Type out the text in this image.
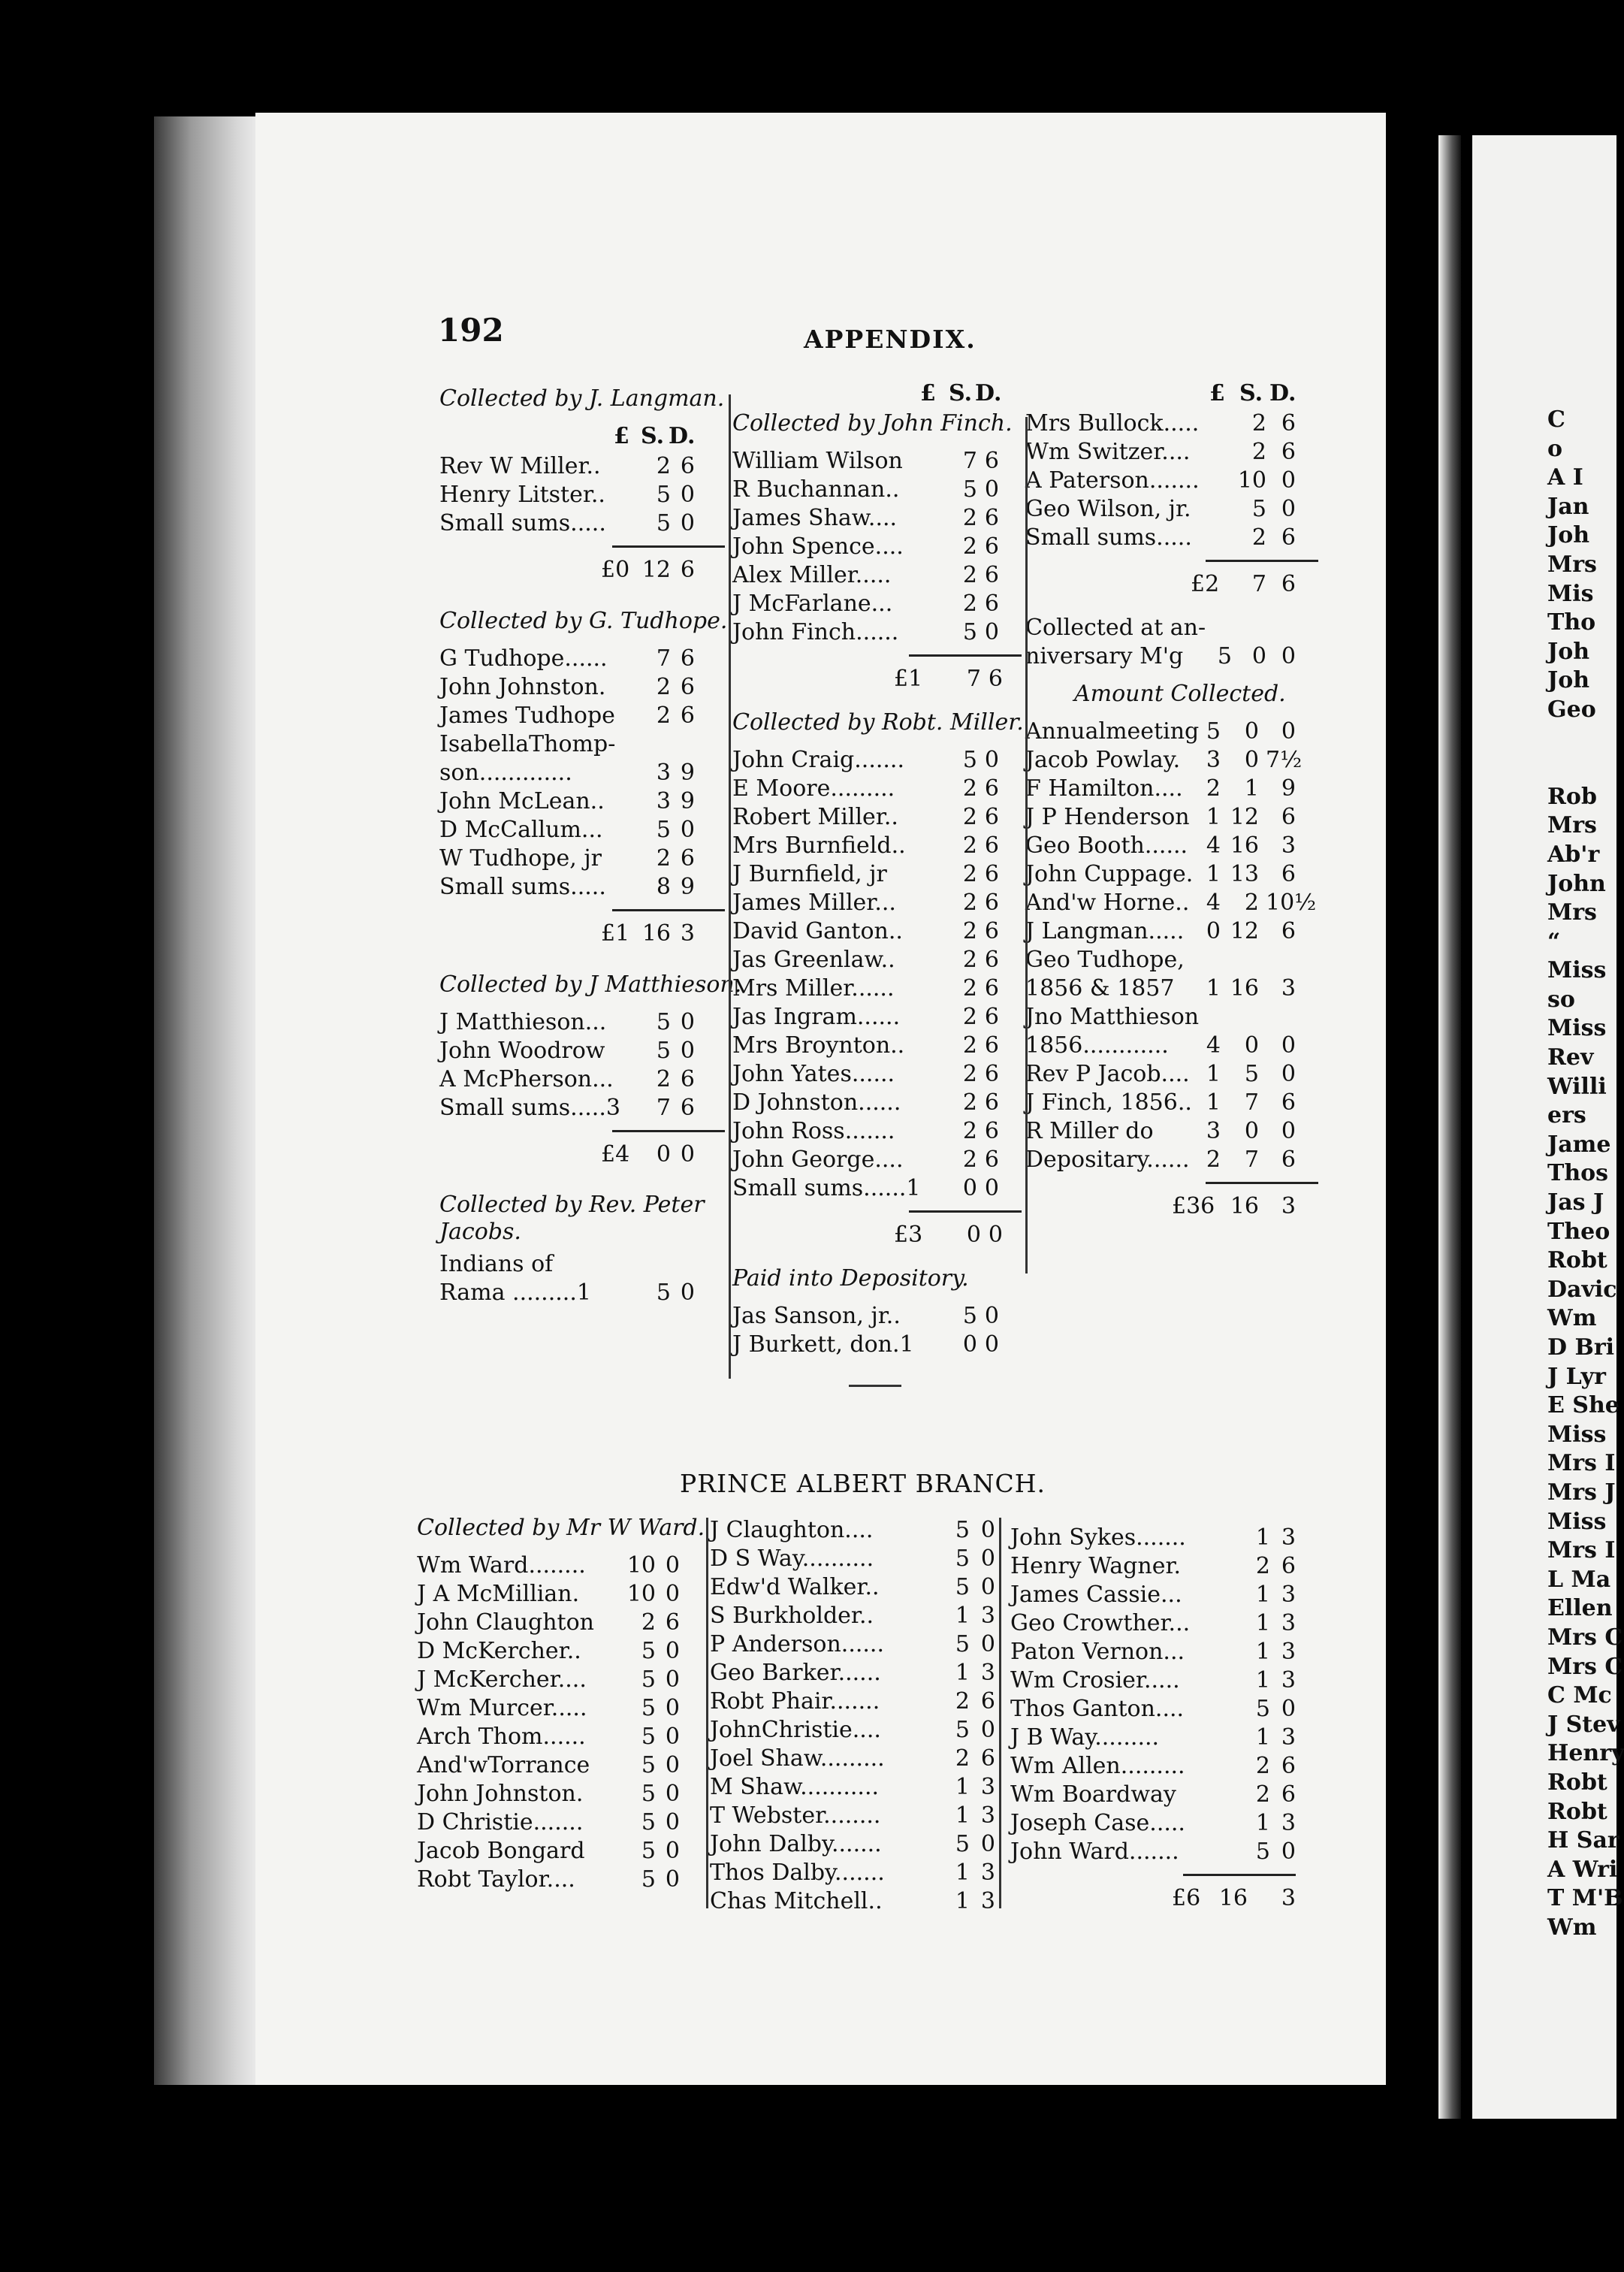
192	APPENDIX.
Collected by J. Langman.
£ S. D.
Rev W Miller..	2 6
Henry Litster..	5 0
Small sums.....	5 0
£0 12 6
Collected by G. Tudhope.
G Tudhope......	7 6
John Johnston.	2 6
James Tudhope	2 6
IsabellaThomp-
son.............	3 9
John McLean..	3 9
D McCallum...	5 0
W Tudhope, jr	2 6
Small sums.....	8 9
£1 16 3
Collected by J Matthieson.
J Matthieson...	5 0
John Woodrow	5 0
A McPherson...	2 6
Small sums.....3	7 6
£4	0 0
Collected by Rev. Peter Jacobs.
Indians of
Rama .........1	5 0
£ S. D.
Collected by John Finch.
William Wilson	7 6
R Buchannan..	5 0
James Shaw....	2 6
John Spence....	2 6
Alex Miller.....	2 6
J McFarlane...	2 6
John Finch......	5 0
£1	7 6
Collected by Robt. Miller.
John Craig.......	5 0
E Moore.........	2 6
Robert Miller..	2 6
Mrs Burnfield..	2 6
J Burnfield, jr	2 6
James Miller...	2 6
David Ganton..	2 6
Jas Greenlaw..	2 6
Mrs Miller......	2 6
Jas Ingram......	2 6
Mrs Broynton..	2 6
John Yates......	2 6
D Johnston......	2 6
John Ross.......	2 6
John George....	2 6
Small sums......1	0 0
£3	0 0
Paid into Depository.
Jas Sanson, jr..	5 0
J Burkett, don.1	0 0
£ S. D.
Mrs Bullock.....	2 6
Wm Switzer....	2 6
A Paterson....... 10 0
Geo Wilson, jr.	5 0
Small sums.....	2 6
£2	7 6
Collected at an-
niversary M'g	5 0 0
Amount Collected.
Annualmeeting 5	0 0
Jacob Powlay.	3	0 7½
F Hamilton....	2	1 9
J P Henderson 1 12 6
Geo Booth...... 4 16 3
John Cuppage. 1 13 6
And'w Horne.. 4	2 10½
J Langman..... 0 12 6
Geo Tudhope,
1856 & 1857	1 16 3
Jno Matthieson
1856............	4	0 0
Rev P Jacob.... 1	5 0
J Finch, 1856.. 1	7 6
R Miller do	3	0 0
Depositary...... 2	7 6
£36 16 3
PRINCE ALBERT BRANCH.
Collected by Mr W Ward.
Wm Ward........ 10 0
J A McMillian. 10 0
John Claughton	2 6
D McKercher..	5 0
J McKercher....	5 0
Wm Murcer.....	5 0
Arch Thom......	5 0
And'wTorrance	5 0
John Johnston.	5 0
D Christie.......	5 0
Jacob Bongard	5 0
Robt Taylor....	5 0
J Claughton....	5 0
D S Way..........	5 0
Edw'd Walker..	5 0
S Burkholder..	1 3
P Anderson......	5 0
Geo Barker......	1 3
Robt Phair.......	2 6
JohnChristie....	5 0
Joel Shaw.........	2 6
M Shaw...........	1 3
T Webster........	1 3
John Dalby.......	5 0
Thos Dalby.......	1 3
Chas Mitchell..	1 3
John Sykes.......	1 3
Henry Wagner.	2 6
James Cassie...	1 3
Geo Crowther...	1 3
Paton Vernon...	1 3
Wm Crosier.....	1 3
Thos Ganton....	5 0
J B Way.........	1 3
Wm Allen.........	2 6
Wm Boardway	2 6
Joseph Case.....	1 3
John Ward.......	5 0
£6 16	3
C
o
A I
Jan
Joh
Mrs
Mis
Tho
Joh
Joh
Geo
Rob
Mrs
Ab'r
John
Mrs
“
Miss
so
Miss
Rev
Willi
ers
Jame
Thos
Jas J
Theo
Robt
Davic
Wm
D Bri
J Lyr
E She
Miss
Mrs I
Mrs J
Miss
Mrs I
L Ma
Ellen
Mrs C
Mrs C
C Mc
J Stev
Henry
Robt
Robt
H Sar
A Wri
T M'B
Wm
